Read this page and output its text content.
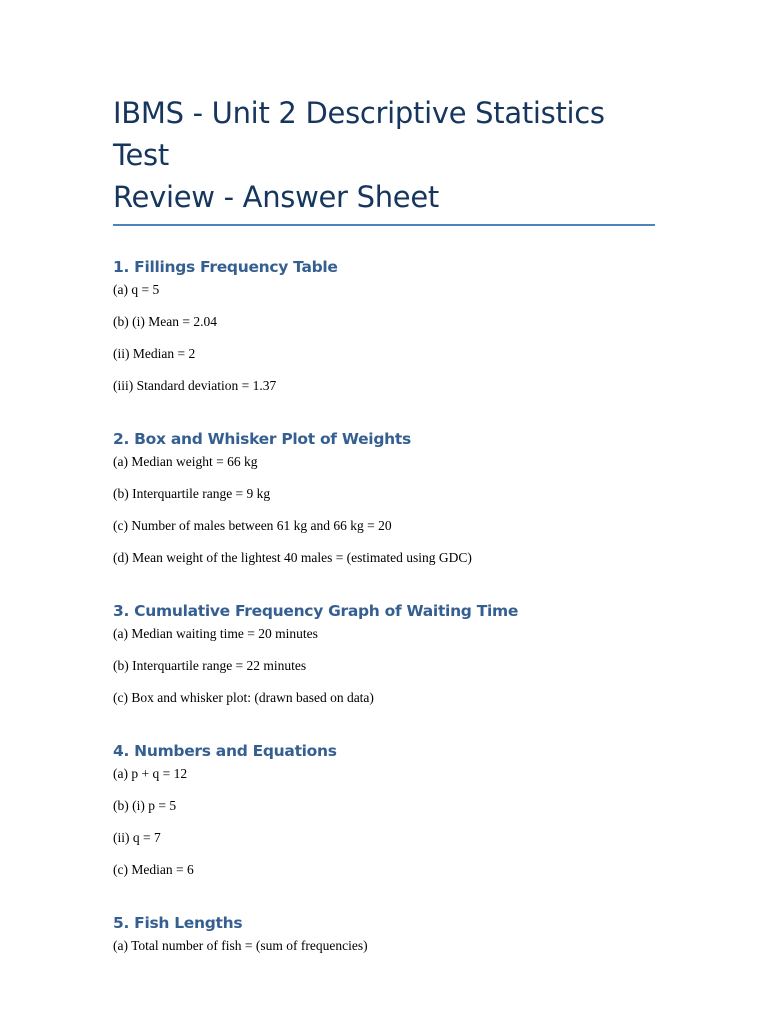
IBMS - Unit 2 Descriptive Statistics Test
Review - Answer Sheet
1. Fillings Frequency Table

(a) q = 5

(b) (i) Mean = 2.04

(ii) Median = 2

(iii) Standard deviation = 1.37

2. Box and Whisker Plot of Weights

(a) Median weight = 66 kg

(b) Interquartile range = 9 kg

(c) Number of males between 61 kg and 66 kg = 20

(d) Mean weight of the lightest 40 males = (estimated using GDC)

3. Cumulative Frequency Graph of Waiting Time

(a) Median waiting time = 20 minutes

(b) Interquartile range = 22 minutes

(c) Box and whisker plot: (drawn based on data)

4. Numbers and Equations

(a) p + q = 12

(b) (i) p = 5

(ii) q = 7

(c) Median = 6

5. Fish Lengths

(a) Total number of fish = (sum of frequencies)
